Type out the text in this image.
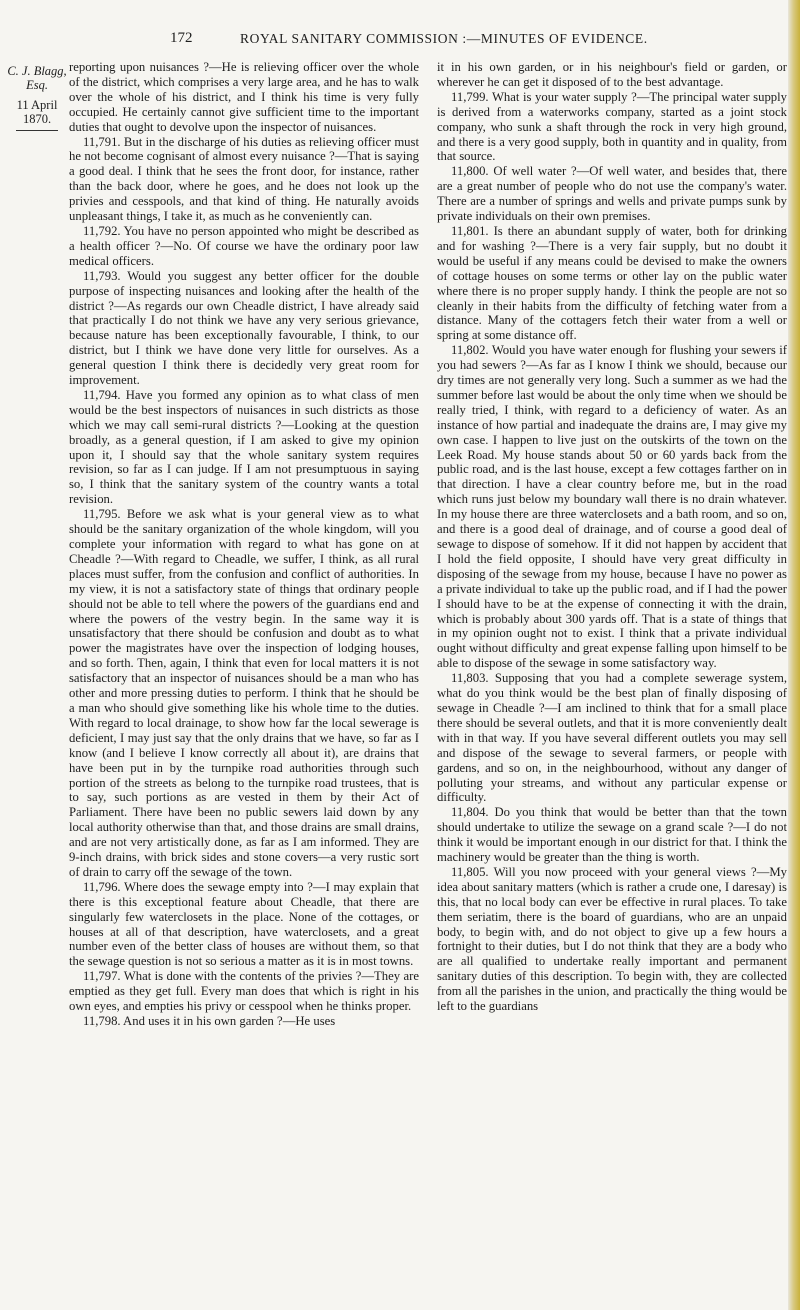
172	ROYAL SANITARY COMMISSION :—MINUTES OF EVIDENCE.
C. J. Blagg, Esq.
11 April 1870.

reporting upon nuisances ?—He is relieving officer over the whole of the district, which comprises a very large area, and he has to walk over the whole of his district, and I think his time is very fully occupied. He certainly cannot give sufficient time to the important duties that ought to devolve upon the inspector of nuisances.

11,791. But in the discharge of his duties as relieving officer must he not become cognisant of almost every nuisance ?—That is saying a good deal. I think that he sees the front door, for instance, rather than the back door, where he goes, and he does not look up the privies and cesspools, and that kind of thing. He naturally avoids unpleasant things, I take it, as much as he conveniently can.

11,792. You have no person appointed who might be described as a health officer ?—No. Of course we have the ordinary poor law medical officers.

11,793. Would you suggest any better officer for the double purpose of inspecting nuisances and looking after the health of the district ?—As regards our own Cheadle district, I have already said that practically I do not think we have any very serious grievance, because nature has been exceptionally favourable, I think, to our district, but I think we have done very little for ourselves. As a general question I think there is decidedly very great room for improvement.

11,794. Have you formed any opinion as to what class of men would be the best inspectors of nuisances in such districts as those which we may call semi-rural districts ?—Looking at the question broadly, as a general question, if I am asked to give my opinion upon it, I should say that the whole sanitary system requires revision, so far as I can judge. If I am not presumptuous in saying so, I think that the sanitary system of the country wants a total revision.

11,795. Before we ask what is your general view as to what should be the sanitary organization of the whole kingdom, will you complete your information with regard to what has gone on at Cheadle ?—With regard to Cheadle, we suffer, I think, as all rural places must suffer, from the confusion and conflict of authorities. In my view, it is not a satisfactory state of things that ordinary people should not be able to tell where the powers of the guardians end and where the powers of the vestry begin. In the same way it is unsatisfactory that there should be confusion and doubt as to what power the magistrates have over the inspection of lodging houses, and so forth. Then, again, I think that even for local matters it is not satisfactory that an inspector of nuisances should be a man who has other and more pressing duties to perform. I think that he should be a man who should give something like his whole time to the duties. With regard to local drainage, to show how far the local sewerage is deficient, I may just say that the only drains that we have, so far as I know (and I believe I know correctly all about it), are drains that have been put in by the turnpike road authorities through such portion of the streets as belong to the turnpike road trustees, that is to say, such portions as are vested in them by their Act of Parliament. There have been no public sewers laid down by any local authority otherwise than that, and those drains are small drains, and are not very artistically done, as far as I am informed. They are 9-inch drains, with brick sides and stone covers—a very rustic sort of drain to carry off the sewage of the town.

11,796. Where does the sewage empty into ?—I may explain that there is this exceptional feature about Cheadle, that there are singularly few waterclosets in the place. None of the cottages, or houses at all of that description, have waterclosets, and a great number even of the better class of houses are without them, so that the sewage question is not so serious a matter as it is in most towns.

11,797. What is done with the contents of the privies ?—They are emptied as they get full. Every man does that which is right in his own eyes, and empties his privy or cesspool when he thinks proper.

11,798. And uses it in his own garden ?—He uses

it in his own garden, or in his neighbour's field or garden, or wherever he can get it disposed of to the best advantage.

11,799. What is your water supply ?—The principal water supply is derived from a waterworks company, started as a joint stock company, who sunk a shaft through the rock in very high ground, and there is a very good supply, both in quantity and in quality, from that source.

11,800. Of well water ?—Of well water, and besides that, there are a great number of people who do not use the company's water. There are a number of springs and wells and private pumps sunk by private individuals on their own premises.

11,801. Is there an abundant supply of water, both for drinking and for washing ?—There is a very fair supply, but no doubt it would be useful if any means could be devised to make the owners of cottage houses on some terms or other lay on the public water where there is no proper supply handy. I think the people are not so cleanly in their habits from the difficulty of fetching water from a distance. Many of the cottagers fetch their water from a well or spring at some distance off.

11,802. Would you have water enough for flushing your sewers if you had sewers ?—As far as I know I think we should, because our dry times are not generally very long. Such a summer as we had the summer before last would be about the only time when we should be really tried, I think, with regard to a deficiency of water. As an instance of how partial and inadequate the drains are, I may give my own case. I happen to live just on the outskirts of the town on the Leek Road. My house stands about 50 or 60 yards back from the public road, and is the last house, except a few cottages farther on in that direction. I have a clear country before me, but in the road which runs just below my boundary wall there is no drain whatever. In my house there are three waterclosets and a bath room, and so on, and there is a good deal of drainage, and of course a good deal of sewage to dispose of somehow. If it did not happen by accident that I hold the field opposite, I should have very great difficulty in disposing of the sewage from my house, because I have no power as a private individual to take up the public road, and if I had the power I should have to be at the expense of connecting it with the drain, which is probably about 300 yards off. That is a state of things that in my opinion ought not to exist. I think that a private individual ought without difficulty and great expense falling upon himself to be able to dispose of the sewage in some satisfactory way.

11,803. Supposing that you had a complete sewerage system, what do you think would be the best plan of finally disposing of sewage in Cheadle ?—I am inclined to think that for a small place there should be several outlets, and that it is more conveniently dealt with in that way. If you have several different outlets you may sell and dispose of the sewage to several farmers, or people with gardens, and so on, in the neighbourhood, without any danger of polluting your streams, and without any particular expense or difficulty.

11,804. Do you think that would be better than that the town should undertake to utilize the sewage on a grand scale ?—I do not think it would be important enough in our district for that. I think the machinery would be greater than the thing is worth.

11,805. Will you now proceed with your general views ?—My idea about sanitary matters (which is rather a crude one, I daresay) is this, that no local body can ever be effective in rural places. To take them seriatim, there is the board of guardians, who are an unpaid body, to begin with, and do not object to give up a few hours a fortnight to their duties, but I do not think that they are a body who are all qualified to undertake really important and permanent sanitary duties of this description. To begin with, they are collected from all the parishes in the union, and practically the thing would be left to the guardians
